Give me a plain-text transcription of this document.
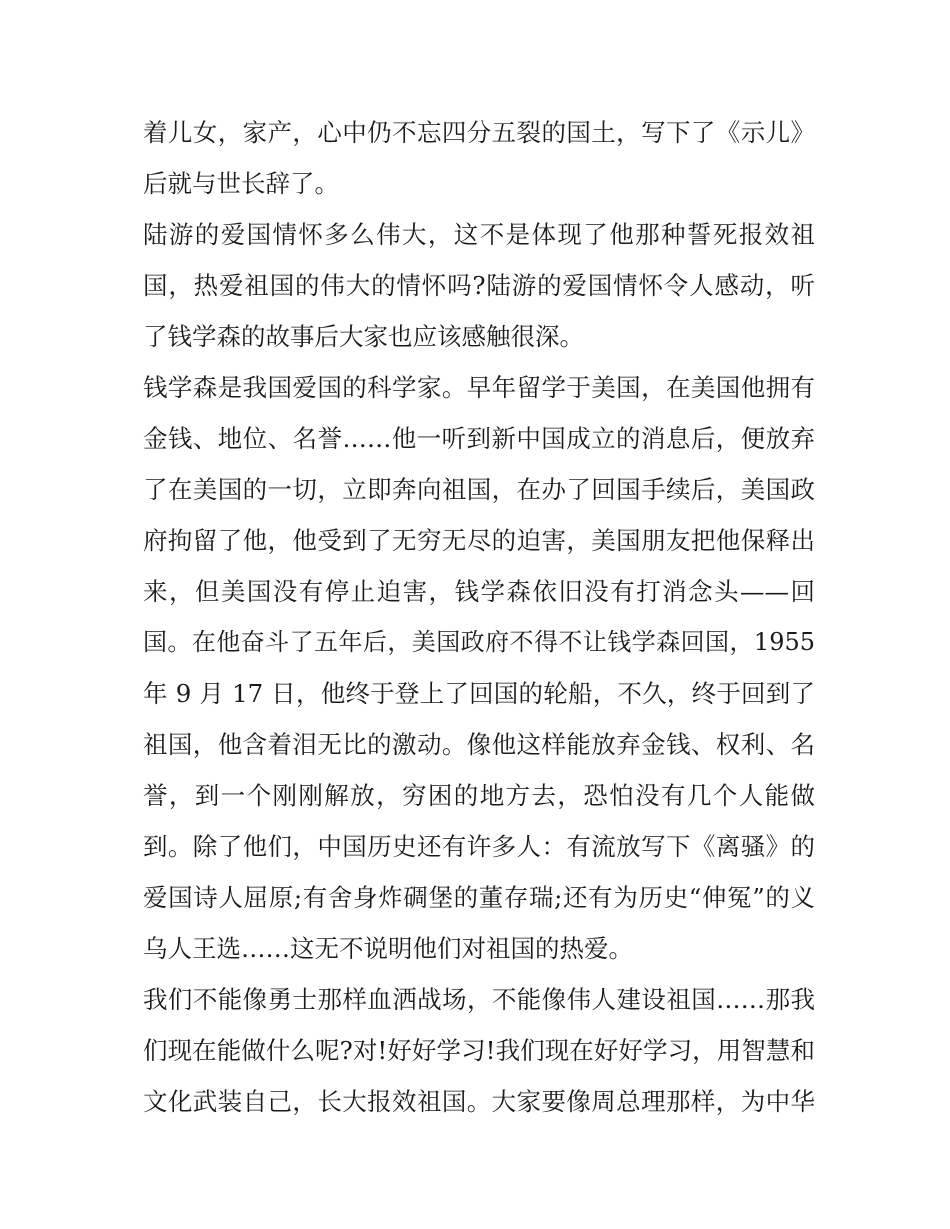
着儿女，家产，心中仍不忘四分五裂的国土，写下了《示儿》
后就与世长辞了。
陆游的爱国情怀多么伟大，这不是体现了他那种誓死报效祖
国，热爱祖国的伟大的情怀吗?陆游的爱国情怀令人感动，听
了钱学森的故事后大家也应该感触很深。
钱学森是我国爱国的科学家。早年留学于美国，在美国他拥有
金钱、地位、名誉……他一听到新中国成立的消息后，便放弃
了在美国的一切，立即奔向祖国，在办了回国手续后，美国政
府拘留了他，他受到了无穷无尽的迫害，美国朋友把他保释出
来，但美国没有停止迫害，钱学森依旧没有打消念头——回
国。在他奋斗了五年后，美国政府不得不让钱学森回国，1955
年 9 月 17 日，他终于登上了回国的轮船，不久，终于回到了
祖国，他含着泪无比的激动。像他这样能放弃金钱、权利、名
誉，到一个刚刚解放，穷困的地方去，恐怕没有几个人能做
到。除了他们，中国历史还有许多人：有流放写下《离骚》的
爱国诗人屈原;有舍身炸碉堡的董存瑞;还有为历史“伸冤”的义
乌人王选……这无不说明他们对祖国的热爱。
我们不能像勇士那样血洒战场，不能像伟人建设祖国……那我
们现在能做什么呢?对!好好学习!我们现在好好学习，用智慧和
文化武装自己，长大报效祖国。大家要像周总理那样，为中华
